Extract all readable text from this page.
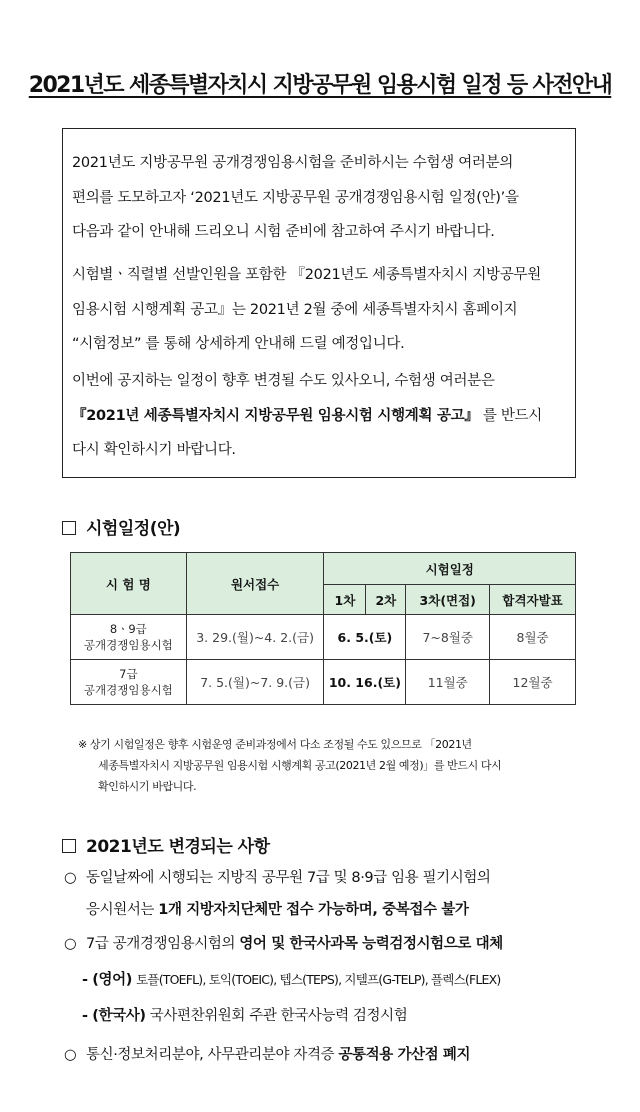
2021년도 세종특별자치시 지방공무원 임용시험 일정 등 사전안내
2021년도 지방공무원 공개경쟁임용시험을 준비하시는 수험생 여러분의
편의를 도모하고자 ‘2021년도 지방공무원 공개경쟁임용시험 일정(안)’을
다음과 같이 안내해 드리오니 시험 준비에 참고하여 주시기 바랍니다.
시험별ㆍ직렬별 선발인원을 포함한 『2021년도 세종특별자치시 지방공무원
임용시험 시행계획 공고』는 2021년 2월 중에 세종특별자치시 홈페이지
“시험정보” 를 통해 상세하게 안내해 드릴 예정입니다.
이번에 공지하는 일정이 향후 변경될 수도 있사오니, 수험생 여러분은
『2021년 세종특별자치시 지방공무원 임용시험 시행계획 공고』 를 반드시
다시 확인하시기 바랍니다.
시험일정(안)
시 험 명	원서접수	시험일정			
		1차	2차	3차(면접)	합격자발표
8ㆍ9급
공개경쟁임용시험	3. 29.(월)~4. 2.(금)	6. 5.(토)		7~8월중	8월중
7급
공개경쟁임용시험	7. 5.(월)~7. 9.(금)	10. 16.(토)		11월중	12월중
※ 상기 시험일정은 향후 시험운영 준비과정에서 다소 조정될 수도 있으므로 「2021년
세종특별자치시 지방공무원 임용시험 시행계획 공고(2021년 2월 예정)」를 반드시 다시
확인하시기 바랍니다.
2021년도 변경되는 사항
○ 동일날짜에 시행되는 지방직 공무원 7급 및 8·9급 임용 필기시험의
응시원서는 1개 지방자치단체만 접수 가능하며, 중복접수 불가
○ 7급 공개경쟁임용시험의 영어 및 한국사과목 능력검정시험으로 대체
- (영어) 토플(TOEFL), 토익(TOEIC), 텝스(TEPS), 지텔프(G-TELP), 플렉스(FLEX)
- (한국사) 국사편찬위원회 주관 한국사능력 검정시험
○ 통신·정보처리분야, 사무관리분야 자격증 공통적용 가산점 폐지
